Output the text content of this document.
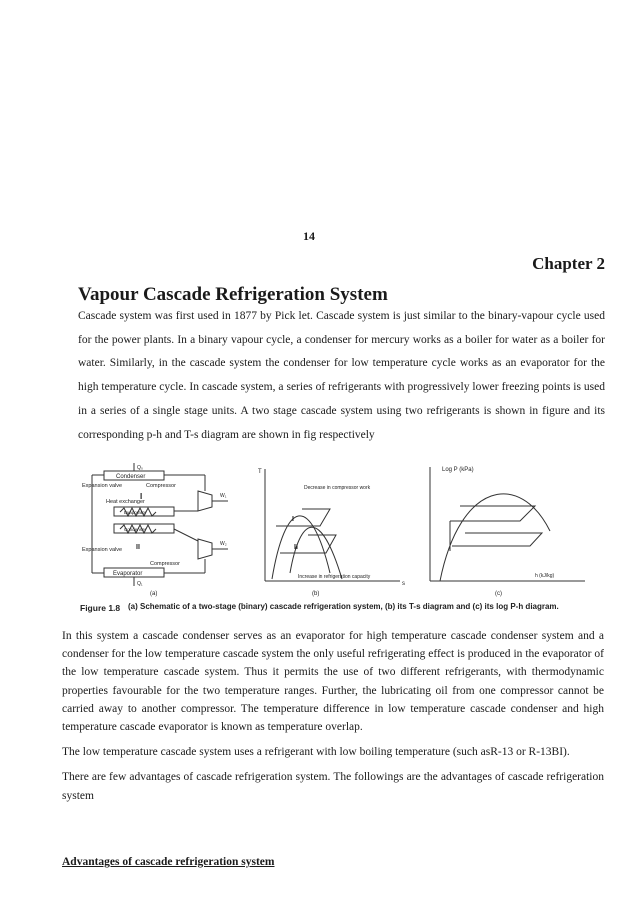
14
Chapter 2
Vapour Cascade Refrigeration System
Cascade system was first used in 1877 by Pick let. Cascade system is just similar to the binary-vapour cycle used for the power plants. In a binary vapour cycle, a condenser for mercury works as a boiler for water as a boiler for water. Similarly, in the cascade system the condenser for low temperature cycle works as an evaporator for the high temperature cycle. In cascade system, a series of refrigerants with progressively lower freezing points is used in a series of a single stage units. A two stage cascade system using two refrigerants is shown in figure and its corresponding p-h and T-s diagram are shown in fig respectively
Condenser
Expansion valve	Compressor
Heat exchanger
Evaporator
Condenser
I
II
Expansion valve
Compressor
Evaporator
Q₀
Q₁
W₁
W₂
(a)
T
s
Decrease in compressor work
Increase in refrigeration capacity
I
II
(b)
Log P (kPa)
h (kJ/kg)
(c)
Figure 1.8 (a) Schematic of a two-stage (binary) cascade refrigeration system, (b) its T-s diagram and (c) its log P-h diagram.

In this system a cascade condenser serves as an evaporator for high temperature cascade condenser system and a condenser for the low temperature cascade system the only useful refrigerating effect is produced in the evaporator of the low temperature cascade system. Thus it permits the use of two different refrigerants, with thermodynamic properties favourable for the two temperature ranges. Further, the lubricating oil from one compressor cannot be carried away to another compressor. The temperature difference in low temperature cascade condenser and high temperature cascade evaporator is known as temperature overlap.

The low temperature cascade system uses a refrigerant with low boiling temperature (such asR-13 or R-13BI).

There are few advantages of cascade refrigeration system. The followings are the advantages of cascade refrigeration system

Advantages of cascade refrigeration system
